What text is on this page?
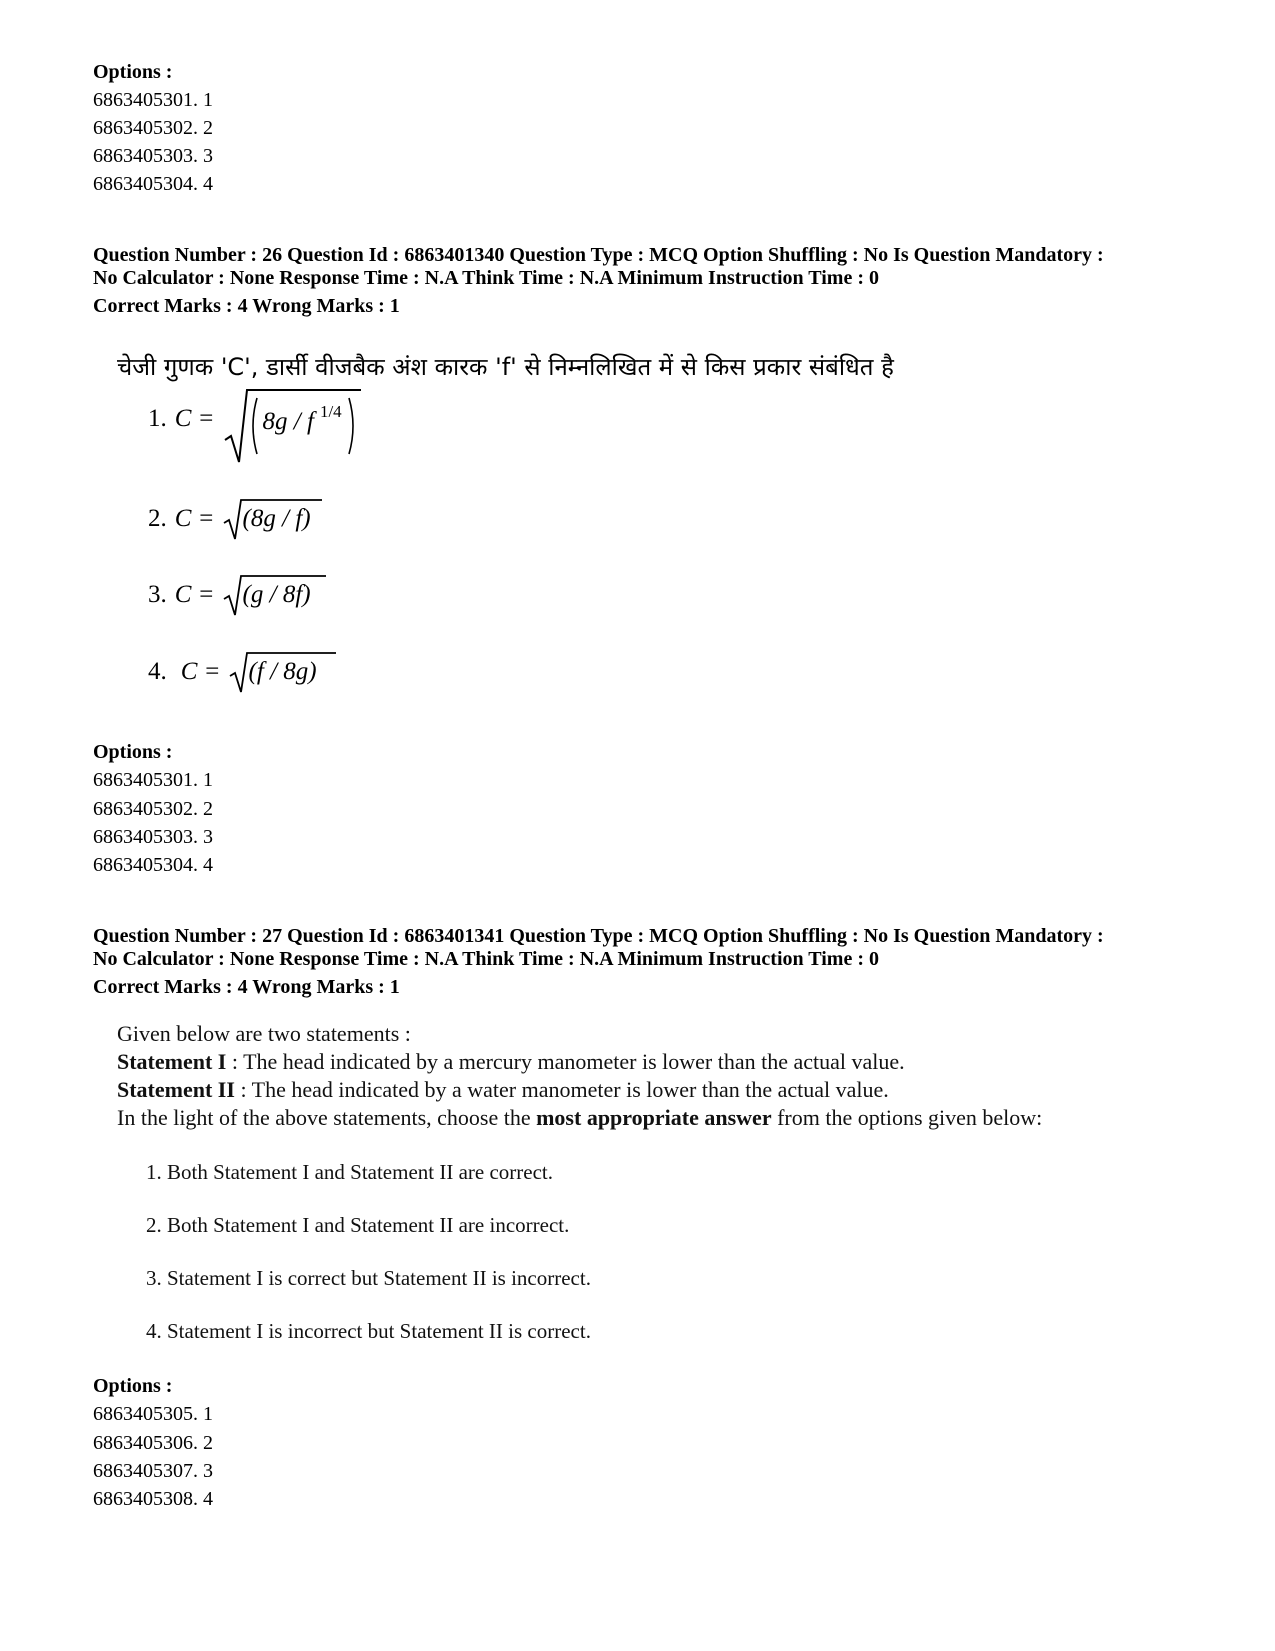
Options :
6863405301. 1
6863405302. 2
6863405303. 3
6863405304. 4
Question Number : 26 Question Id : 6863401340 Question Type : MCQ Option Shuffling : No Is Question Mandatory :
No Calculator : None Response Time : N.A Think Time : N.A Minimum Instruction Time : 0
Correct Marks : 4 Wrong Marks : 1
चेजी गुणक 'C', डार्सी वीजबैक अंश कारक 'f' से निम्नलिखित में से किस प्रकार संबंधित है
1. C = 8g / f 1/4
2. C = (8g / f)
3. C = (g / 8f)
4. C = (f / 8g)
Options :
6863405301. 1
6863405302. 2
6863405303. 3
6863405304. 4
Question Number : 27 Question Id : 6863401341 Question Type : MCQ Option Shuffling : No Is Question Mandatory :
No Calculator : None Response Time : N.A Think Time : N.A Minimum Instruction Time : 0
Correct Marks : 4 Wrong Marks : 1
Given below are two statements :
Statement I : The head indicated by a mercury manometer is lower than the actual value.
Statement II : The head indicated by a water manometer is lower than the actual value.
In the light of the above statements, choose the most appropriate answer from the options given below:
1. Both Statement I and Statement II are correct.
2. Both Statement I and Statement II are incorrect.
3. Statement I is correct but Statement II is incorrect.
4. Statement I is incorrect but Statement II is correct.
Options :
6863405305. 1
6863405306. 2
6863405307. 3
6863405308. 4
